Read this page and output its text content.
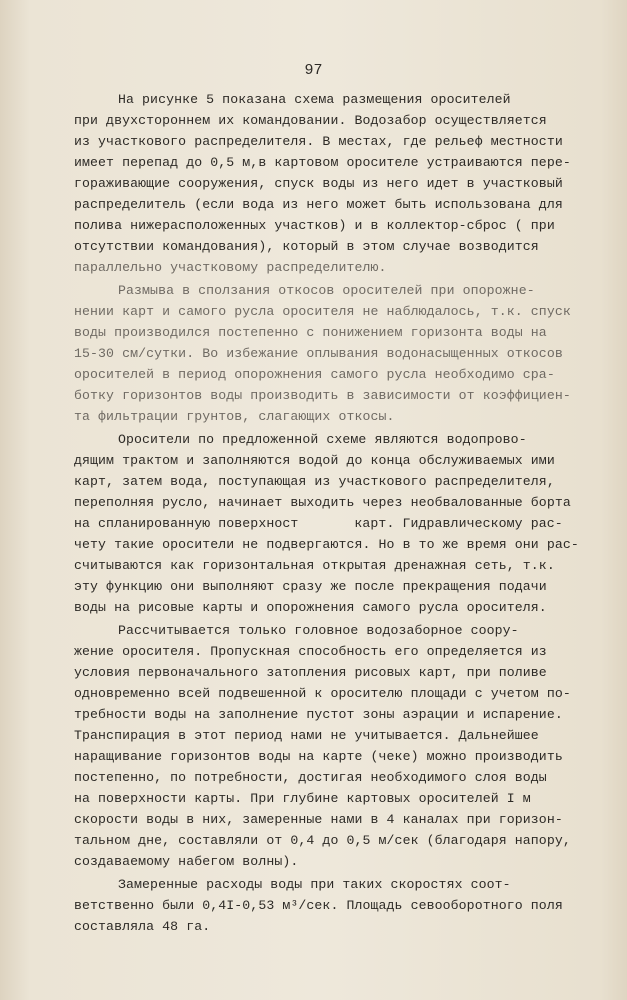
97

На рисунке 5 показана схема размещения оросителей

при двухстороннем их командовании. Водозабор осуществляется

из участкового распределителя. В местах, где рельеф местности

имеет перепад до 0,5 м,в картовом оросителе устраиваются пере-

гораживающие сооружения, спуск воды из него идет в участковый

распределитель (если вода из него может быть использована для

полива нижерасположенных участков) и в коллектор-сброс ( при

отсутствии командования), который в этом случае возводится

параллельно участковому распределителю.

Размыва в сползания откосов оросителей при опорожне-

нении карт и самого русла оросителя не наблюдалось, т.к. спуск

воды производился постепенно с понижением горизонта воды на

15-30 см/сутки. Во избежание оплывания водонасыщенных откосов

оросителей в период опорожнения самого русла необходимо сра-

ботку горизонтов воды производить в зависимости от коэффициен-

та фильтрации грунтов, слагающих откосы.

Оросители по предложенной схеме являются водопрово-

дящим трактом и заполняются водой до конца обслуживаемых ими

карт, затем вода, поступающая из участкового распределителя,

переполняя русло, начинает выходить через необвалованные борта

на спланированную поверхност	карт. Гидравлическому рас-

чету такие оросители не подвергаются. Но в то же время они рас-

считываются как горизонтальная открытая дренажная сеть, т.к.

эту функцию они выполняют сразу же после прекращения подачи

воды на рисовые карты и опорожнения самого русла оросителя.

Рассчитывается только головное водозаборное соору-

жение оросителя. Пропускная способность его определяется из

условия первоначального затопления рисовых карт, при поливе

одновременно всей подвешенной к оросителю площади с учетом по-

требности воды на заполнение пустот зоны аэрации и испарение.

Транспирация в этот период нами не учитывается. Дальнейшее

наращивание горизонтов воды на карте (чеке) можно производить

постепенно, по потребности, достигая необходимого слоя воды

на поверхности карты. При глубине картовых оросителей I м

скорости воды в них, замеренные нами в 4 каналах при горизон-

тальном дне, составляли от 0,4 до 0,5 м/сек (благодаря напору,

создаваемому набегом волны).

Замеренные расходы воды при таких скоростях соот-

ветственно были 0,4I-0,53 м³/сек. Площадь севооборотного поля

составляла 48 га.
